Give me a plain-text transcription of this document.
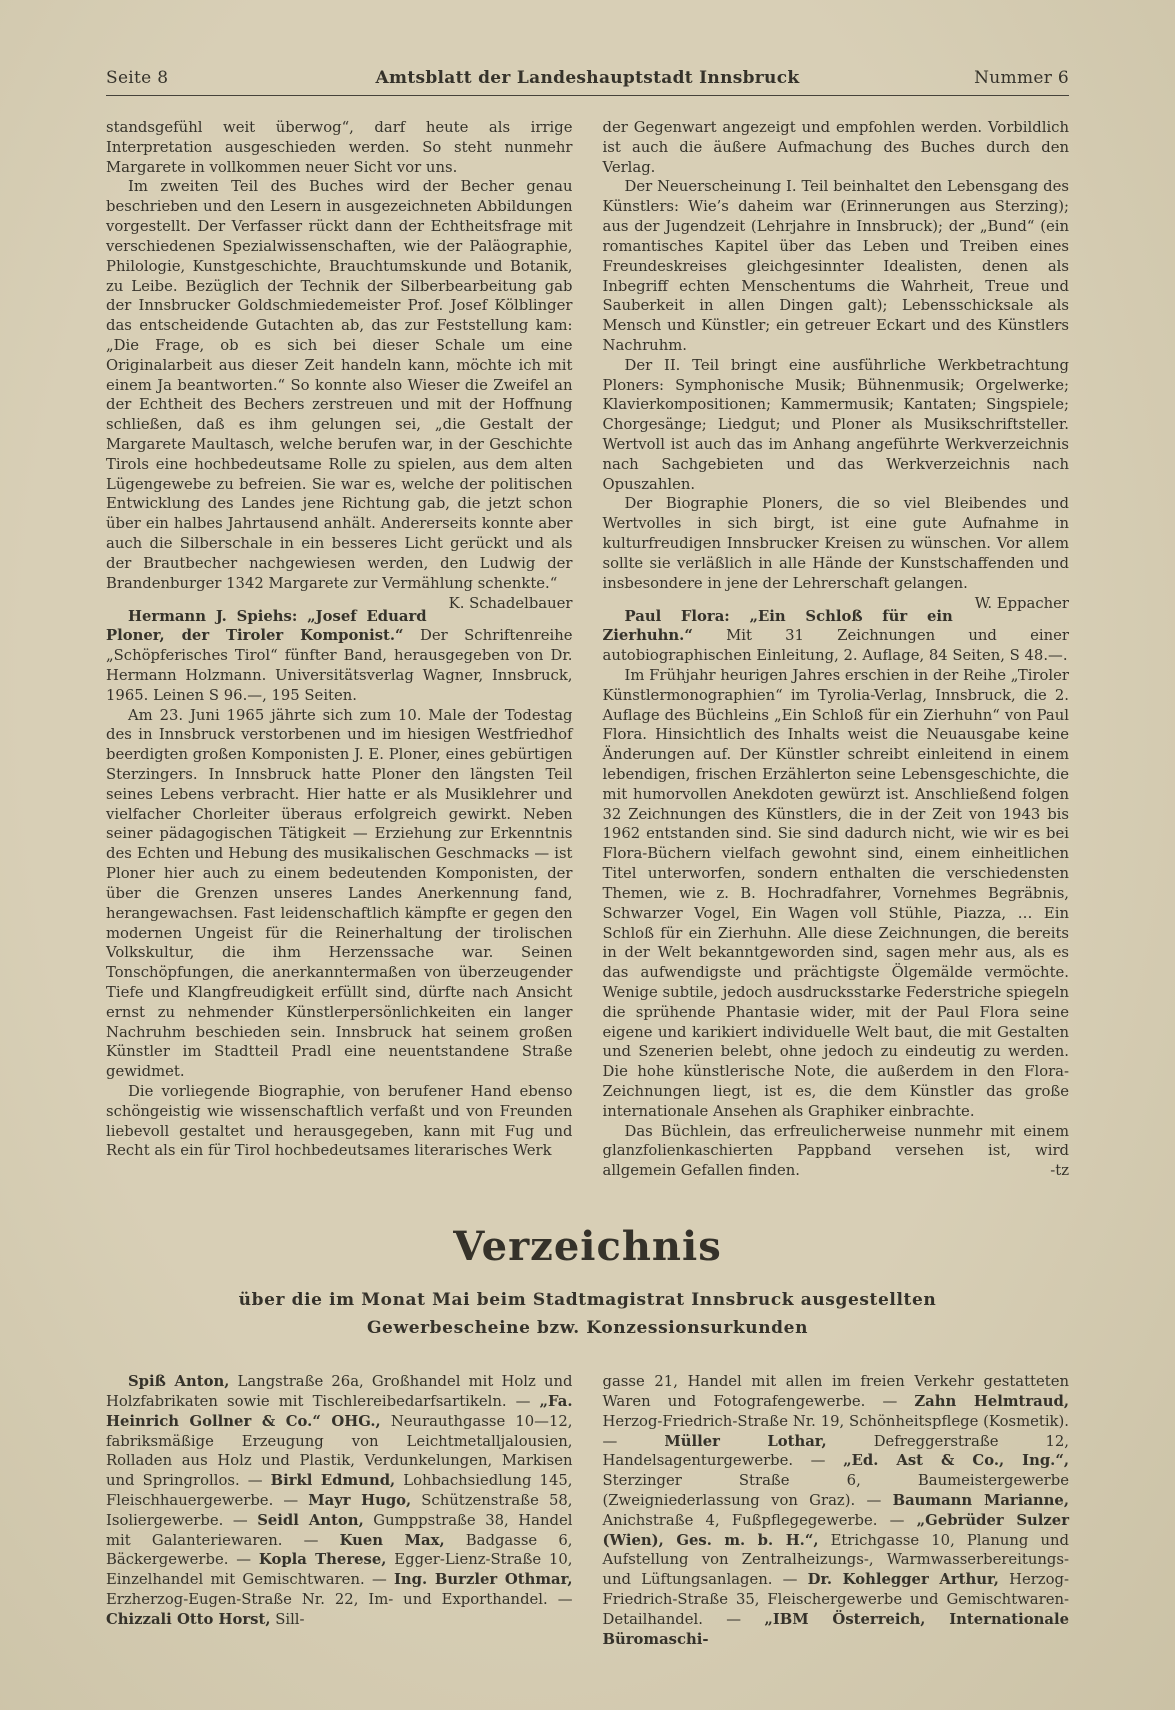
Seite 8	Amtsblatt der Landeshauptstadt Innsbruck	Nummer 6

standsgefühl weit überwog“, darf heute als irrige Interpretation ausgeschieden werden. So steht nunmehr Margarete in vollkommen neuer Sicht vor uns.

Im zweiten Teil des Buches wird der Becher genau beschrieben und den Lesern in ausgezeichneten Abbildungen vorgestellt. Der Verfasser rückt dann der Echtheitsfrage mit verschiedenen Spezialwissenschaften, wie der Paläographie, Philologie, Kunstgeschichte, Brauchtumskunde und Botanik, zu Leibe. Bezüglich der Technik der Silberbearbeitung gab der Innsbrucker Goldschmiedemeister Prof. Josef Kölblinger das entscheidende Gutachten ab, das zur Feststellung kam: „Die Frage, ob es sich bei dieser Schale um eine Originalarbeit aus dieser Zeit handeln kann, möchte ich mit einem Ja beantworten.“ So konnte also Wieser die Zweifel an der Echtheit des Bechers zerstreuen und mit der Hoffnung schließen, daß es ihm gelungen sei, „die Gestalt der Margarete Maultasch, welche berufen war, in der Geschichte Tirols eine hochbedeutsame Rolle zu spielen, aus dem alten Lügengewebe zu befreien. Sie war es, welche der politischen Entwicklung des Landes jene Richtung gab, die jetzt schon über ein halbes Jahrtausend anhält. Andererseits konnte aber auch die Silberschale in ein besseres Licht gerückt und als der Brautbecher nachgewiesen werden, den Ludwig der Brandenburger 1342 Margarete zur Vermählung schenkte.“
K. Schadelbauer

Hermann J. Spiehs: „Josef Eduard Ploner, der Tiroler Komponist.“ Der Schriftenreihe „Schöpferisches Tirol“ fünfter Band, herausgegeben von Dr. Hermann Holzmann. Universitätsverlag Wagner, Innsbruck, 1965. Leinen S 96.—, 195 Seiten.

Am 23. Juni 1965 jährte sich zum 10. Male der Todestag des in Innsbruck verstorbenen und im hiesigen Westfriedhof beerdigten großen Komponisten J. E. Ploner, eines gebürtigen Sterzingers. In Innsbruck hatte Ploner den längsten Teil seines Lebens verbracht. Hier hatte er als Musiklehrer und vielfacher Chorleiter überaus erfolgreich gewirkt. Neben seiner pädagogischen Tätigkeit — Erziehung zur Erkenntnis des Echten und Hebung des musikalischen Geschmacks — ist Ploner hier auch zu einem bedeutenden Komponisten, der über die Grenzen unseres Landes Anerkennung fand, herangewachsen. Fast leidenschaftlich kämpfte er gegen den modernen Ungeist für die Reinerhaltung der tirolischen Volkskultur, die ihm Herzenssache war. Seinen Tonschöpfungen, die anerkanntermaßen von überzeugender Tiefe und Klangfreudigkeit erfüllt sind, dürfte nach Ansicht ernst zu nehmender Künstlerpersönlichkeiten ein langer Nachruhm beschieden sein. Innsbruck hat seinem großen Künstler im Stadtteil Pradl eine neuentstandene Straße gewidmet.

Die vorliegende Biographie, von berufener Hand ebenso schöngeistig wie wissenschaftlich verfaßt und von Freunden liebevoll gestaltet und herausgegeben, kann mit Fug und Recht als ein für Tirol hochbedeutsames literarisches Werk

der Gegenwart angezeigt und empfohlen werden. Vorbildlich ist auch die äußere Aufmachung des Buches durch den Verlag.

Der Neuerscheinung I. Teil beinhaltet den Lebensgang des Künstlers: Wie’s daheim war (Erinnerungen aus Sterzing); aus der Jugendzeit (Lehrjahre in Innsbruck); der „Bund“ (ein romantisches Kapitel über das Leben und Treiben eines Freundeskreises gleichgesinnter Idealisten, denen als Inbegriff echten Menschentums die Wahrheit, Treue und Sauberkeit in allen Dingen galt); Lebensschicksale als Mensch und Künstler; ein getreuer Eckart und des Künstlers Nachruhm.

Der II. Teil bringt eine ausführliche Werkbetrachtung Ploners: Symphonische Musik; Bühnenmusik; Orgelwerke; Klavierkompositionen; Kammermusik; Kantaten; Singspiele; Chorgesänge; Liedgut; und Ploner als Musikschriftsteller. Wertvoll ist auch das im Anhang angeführte Werkverzeichnis nach Sachgebieten und das Werkverzeichnis nach Opuszahlen.

Der Biographie Ploners, die so viel Bleibendes und Wertvolles in sich birgt, ist eine gute Aufnahme in kulturfreudigen Innsbrucker Kreisen zu wünschen. Vor allem sollte sie verläßlich in alle Hände der Kunstschaffenden und insbesondere in jene der Lehrerschaft gelangen.
W. Eppacher

Paul Flora: „Ein Schloß für ein Zierhuhn.“ Mit 31 Zeichnungen und einer autobiographischen Einleitung, 2. Auflage, 84 Seiten, S 48.—.

Im Frühjahr heurigen Jahres erschien in der Reihe „Tiroler Künstlermonographien“ im Tyrolia-Verlag, Innsbruck, die 2. Auflage des Büchleins „Ein Schloß für ein Zierhuhn“ von Paul Flora. Hinsichtlich des Inhalts weist die Neuausgabe keine Änderungen auf. Der Künstler schreibt einleitend in einem lebendigen, frischen Erzählerton seine Lebensgeschichte, die mit humorvollen Anekdoten gewürzt ist. Anschließend folgen 32 Zeichnungen des Künstlers, die in der Zeit von 1943 bis 1962 entstanden sind. Sie sind dadurch nicht, wie wir es bei Flora-Büchern vielfach gewohnt sind, einem einheitlichen Titel unterworfen, sondern enthalten die verschiedensten Themen, wie z. B. Hochradfahrer, Vornehmes Begräbnis, Schwarzer Vogel, Ein Wagen voll Stühle, Piazza, … Ein Schloß für ein Zierhuhn. Alle diese Zeichnungen, die bereits in der Welt bekanntgeworden sind, sagen mehr aus, als es das aufwendigste und prächtigste Ölgemälde vermöchte. Wenige subtile, jedoch ausdrucksstarke Federstriche spiegeln die sprühende Phantasie wider, mit der Paul Flora seine eigene und karikiert individuelle Welt baut, die mit Gestalten und Szenerien belebt, ohne jedoch zu eindeutig zu werden. Die hohe künstlerische Note, die außerdem in den Flora-Zeichnungen liegt, ist es, die dem Künstler das große internationale Ansehen als Graphiker einbrachte.

Das Büchlein, das erfreulicherweise nunmehr mit einem glanzfolienkaschierten Pappband versehen ist, wird allgemein Gefallen finden.	-tz

Verzeichnis
über die im Monat Mai beim Stadtmagistrat Innsbruck ausgestellten
Gewerbescheine bzw. Konzessionsurkunden

Spiß Anton, Langstraße 26a, Großhandel mit Holz und Holzfabrikaten sowie mit Tischlereibedarfsartikeln. — „Fa. Heinrich Gollner & Co.“ OHG., Neurauthgasse 10—12, fabriksmäßige Erzeugung von Leichtmetalljalousien, Rolladen aus Holz und Plastik, Verdunkelungen, Markisen und Springrollos. — Birkl Edmund, Lohbachsiedlung 145, Fleischhauergewerbe. — Mayr Hugo, Schützenstraße 58, Isoliergewerbe. — Seidl Anton, Gumppstraße 38, Handel mit Galanteriewaren. — Kuen Max, Badgasse 6, Bäckergewerbe. — Kopla Therese, Egger-Lienz-Straße 10, Einzelhandel mit Gemischtwaren. — Ing. Burzler Othmar, Erzherzog-Eugen-Straße Nr. 22, Im- und Exporthandel. — Chizzali Otto Horst, Sill-

gasse 21, Handel mit allen im freien Verkehr gestatteten Waren und Fotografengewerbe. — Zahn Helmtraud, Herzog-Friedrich-Straße Nr. 19, Schönheitspflege (Kosmetik). — Müller Lothar, Defreggerstraße 12, Handelsagenturgewerbe. — „Ed. Ast & Co., Ing.“, Sterzinger Straße 6, Baumeistergewerbe (Zweigniederlassung von Graz). — Baumann Marianne, Anichstraße 4, Fußpflegegewerbe. — „Gebrüder Sulzer (Wien), Ges. m. b. H.“, Etrichgasse 10, Planung und Aufstellung von Zentralheizungs-, Warmwasserbereitungs- und Lüftungsanlagen. — Dr. Kohlegger Arthur, Herzog-Friedrich-Straße 35, Fleischergewerbe und Gemischtwaren-Detailhandel. — „IBM Österreich, Internationale Büromaschi-
